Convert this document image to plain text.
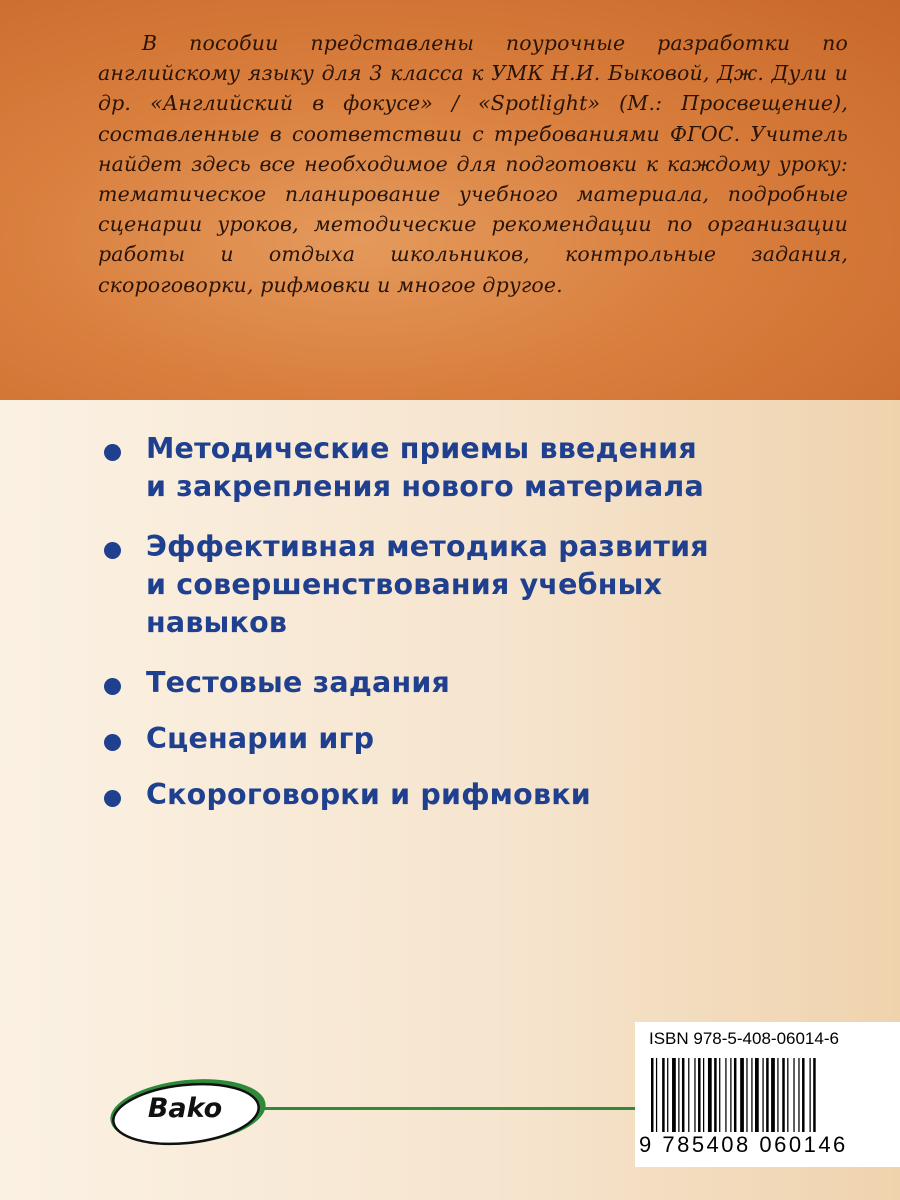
В пособии представлены поурочные разработки по английскому языку для 3 класса к УМК Н.И. Быковой, Дж. Дули и др. «Английский в фокусе» / «Spotlight» (М.: Просвещение), составленные в соответствии с требованиями ФГОС. Учитель найдет здесь все необходимое для подготовки к каждому уроку: тематическое планирование учебного материала, подробные сценарии уроков, методические рекомендации по организации работы и отдыха школьников, контрольные задания, скороговорки, рифмовки и многое другое.
Методические приемы введения
и закрепления нового материала
Эффективная методика развития
и совершенствования учебных
навыков
Тестовые задания
Сценарии игр
Скороговорки и рифмовки
Bako
ISBN 978-5-408-06014-6
9 785408 060146
